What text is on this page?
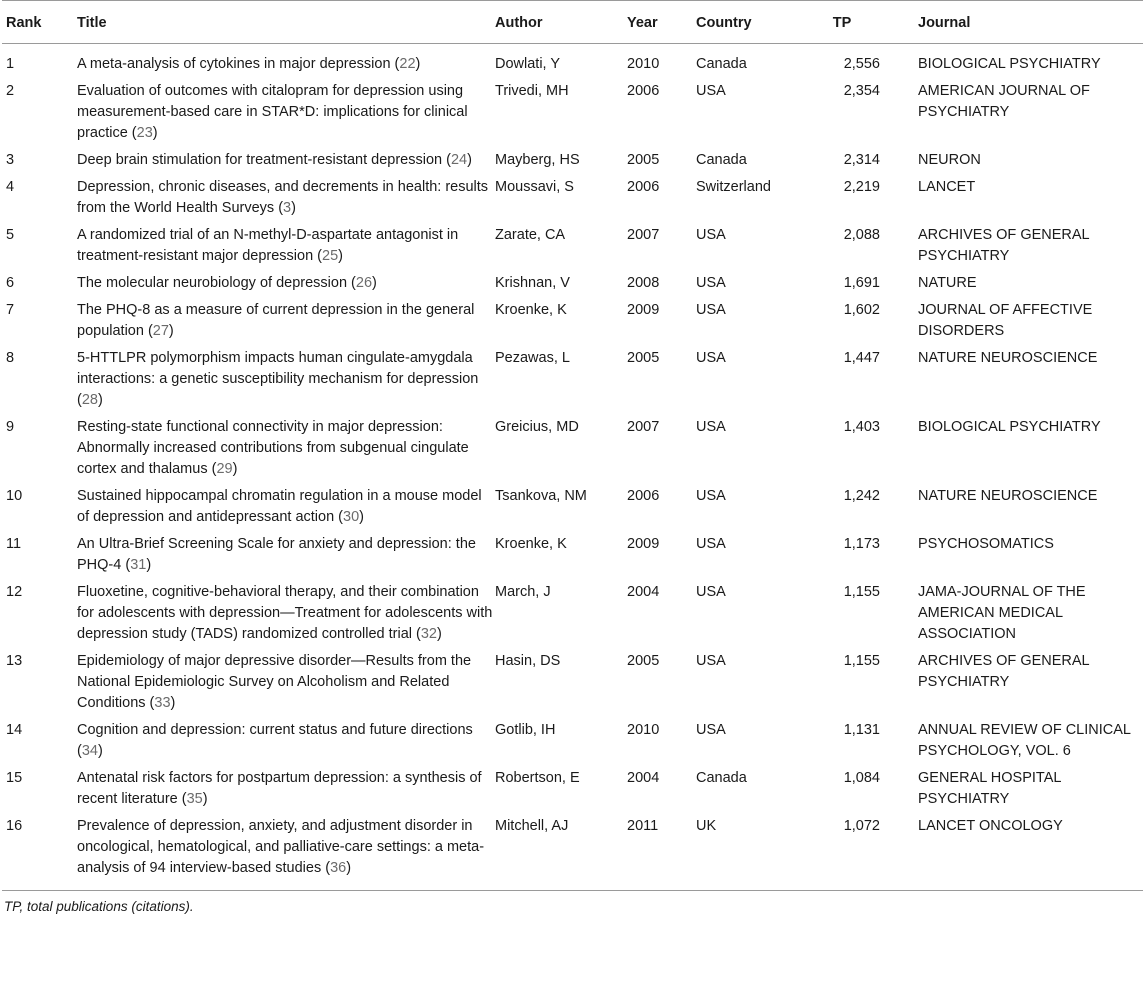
Rank	Title	Author	Year	Country	TP	Journal
1	A meta-analysis of cytokines in major depression (22)	Dowlati, Y	2010	Canada	2,556	BIOLOGICAL PSYCHIATRY
2	Evaluation of outcomes with citalopram for depression using measurement-based care in STAR*D: implications for clinical practice (23)	Trivedi, MH	2006	USA	2,354	AMERICAN JOURNAL OF PSYCHIATRY
3	Deep brain stimulation for treatment-resistant depression (24)	Mayberg, HS	2005	Canada	2,314	NEURON
4	Depression, chronic diseases, and decrements in health: results from the World Health Surveys (3)	Moussavi, S	2006	Switzerland	2,219	LANCET
5	A randomized trial of an N-methyl-D-aspartate antagonist in treatment-resistant major depression (25)	Zarate, CA	2007	USA	2,088	ARCHIVES OF GENERAL PSYCHIATRY
6	The molecular neurobiology of depression (26)	Krishnan, V	2008	USA	1,691	NATURE
7	The PHQ-8 as a measure of current depression in the general population (27)	Kroenke, K	2009	USA	1,602	JOURNAL OF AFFECTIVE DISORDERS
8	5-HTTLPR polymorphism impacts human cingulate-amygdala interactions: a genetic susceptibility mechanism for depression (28)	Pezawas, L	2005	USA	1,447	NATURE NEUROSCIENCE
9	Resting-state functional connectivity in major depression: Abnormally increased contributions from subgenual cingulate cortex and thalamus (29)	Greicius, MD	2007	USA	1,403	BIOLOGICAL PSYCHIATRY
10	Sustained hippocampal chromatin regulation in a mouse model of depression and antidepressant action (30)	Tsankova, NM	2006	USA	1,242	NATURE NEUROSCIENCE
11	An Ultra-Brief Screening Scale for anxiety and depression: the PHQ-4 (31)	Kroenke, K	2009	USA	1,173	PSYCHOSOMATICS
12	Fluoxetine, cognitive-behavioral therapy, and their combination for adolescents with depression—Treatment for adolescents with depression study (TADS) randomized controlled trial (32)	March, J	2004	USA	1,155	JAMA-JOURNAL OF THE AMERICAN MEDICAL ASSOCIATION
13	Epidemiology of major depressive disorder—Results from the National Epidemiologic Survey on Alcoholism and Related Conditions (33)	Hasin, DS	2005	USA	1,155	ARCHIVES OF GENERAL PSYCHIATRY
14	Cognition and depression: current status and future directions (34)	Gotlib, IH	2010	USA	1,131	ANNUAL REVIEW OF CLINICAL PSYCHOLOGY, VOL. 6
15	Antenatal risk factors for postpartum depression: a synthesis of recent literature (35)	Robertson, E	2004	Canada	1,084	GENERAL HOSPITAL PSYCHIATRY
16	Prevalence of depression, anxiety, and adjustment disorder in oncological, hematological, and palliative-care settings: a meta-analysis of 94 interview-based studies (36)	Mitchell, AJ	2011	UK	1,072	LANCET ONCOLOGY
TP, total publications (citations).
